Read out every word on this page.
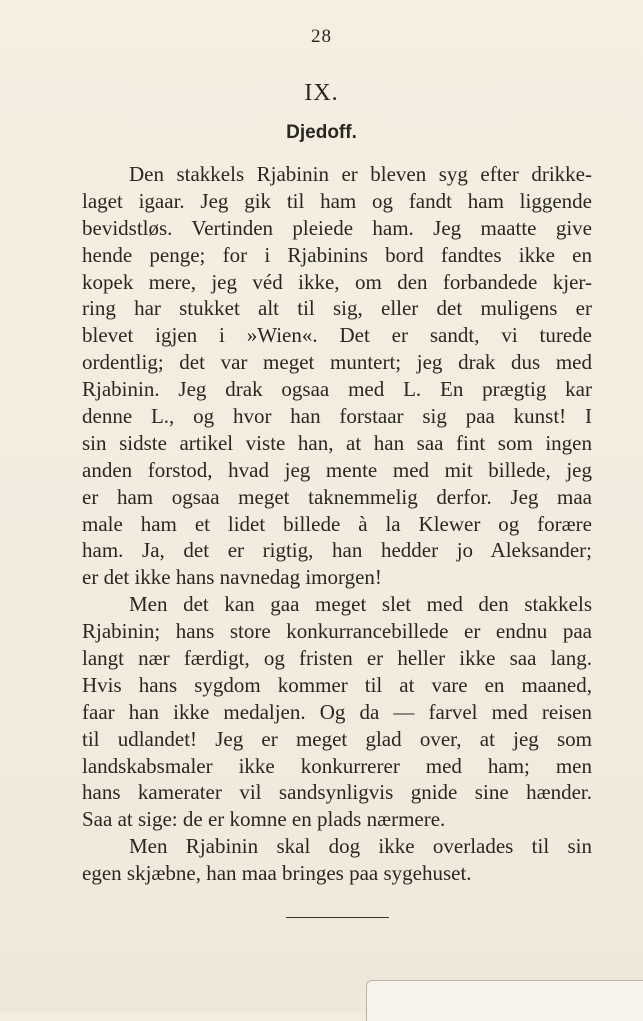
28
IX.
Djedoff.
Den stakkels Rjabinin er bleven syg efter drikke-
laget igaar. Jeg gik til ham og fandt ham liggende
bevidstløs. Vertinden pleiede ham. Jeg maatte give
hende penge; for i Rjabinins bord fandtes ikke en
kopek mere, jeg véd ikke, om den forbandede kjer-
ring har stukket alt til sig, eller det muligens er
blevet igjen i »Wien«. Det er sandt, vi turede
ordentlig; det var meget muntert; jeg drak dus med
Rjabinin. Jeg drak ogsaa med L. En prægtig kar
denne L., og hvor han forstaar sig paa kunst! I
sin sidste artikel viste han, at han saa fint som ingen
anden forstod, hvad jeg mente med mit billede, jeg
er ham ogsaa meget taknemmelig derfor. Jeg maa
male ham et lidet billede à la Klewer og forære
ham. Ja, det er rigtig, han hedder jo Aleksander;
er det ikke hans navnedag imorgen!
Men det kan gaa meget slet med den stakkels
Rjabinin; hans store konkurrancebillede er endnu paa
langt nær færdigt, og fristen er heller ikke saa lang.
Hvis hans sygdom kommer til at vare en maaned,
faar han ikke medaljen. Og da — farvel med reisen
til udlandet! Jeg er meget glad over, at jeg som
landskabsmaler ikke konkurrerer med ham; men
hans kamerater vil sandsynligvis gnide sine hænder.
Saa at sige: de er komne en plads nærmere.
Men Rjabinin skal dog ikke overlades til sin
egen skjæbne, han maa bringes paa sygehuset.
